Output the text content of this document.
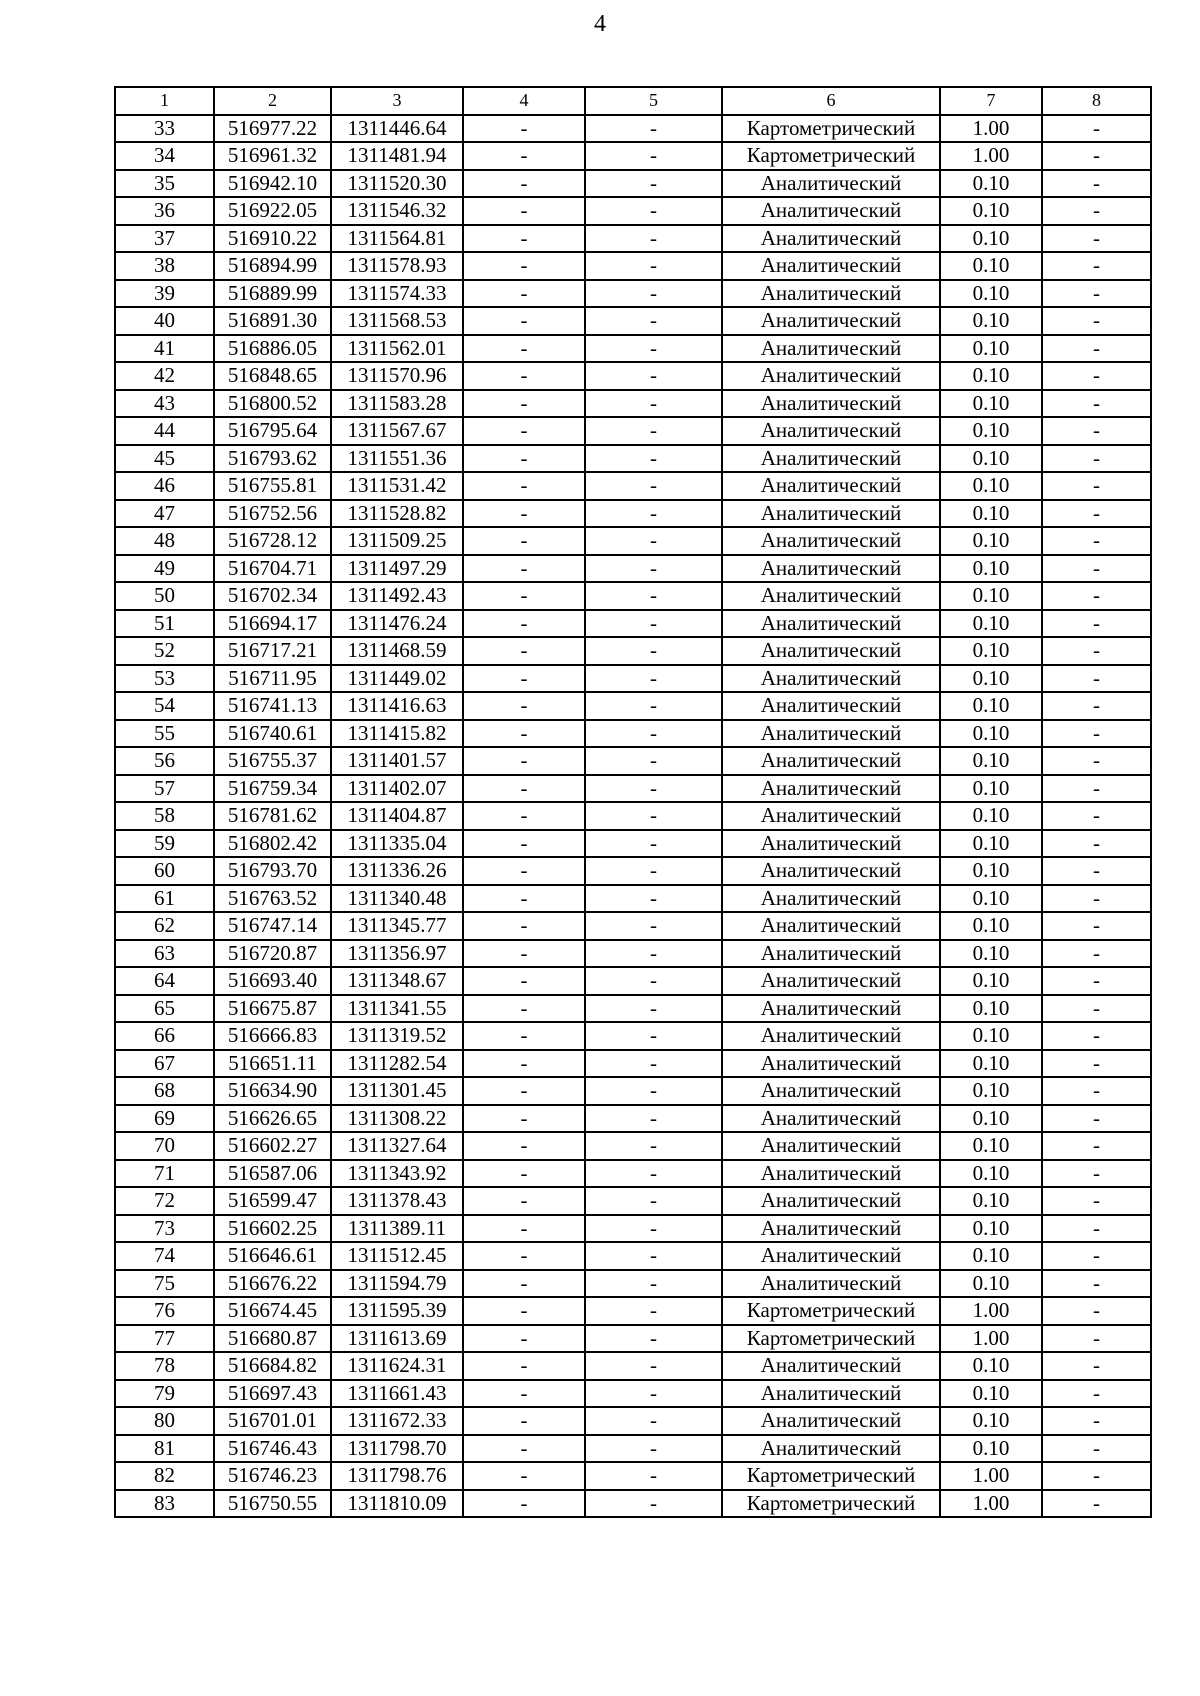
4
1	2	3	4	5	6	7	8
33	516977.22	1311446.64	-	-	Картометрический	1.00	-
34	516961.32	1311481.94	-	-	Картометрический	1.00	-
35	516942.10	1311520.30	-	-	Аналитический	0.10	-
36	516922.05	1311546.32	-	-	Аналитический	0.10	-
37	516910.22	1311564.81	-	-	Аналитический	0.10	-
38	516894.99	1311578.93	-	-	Аналитический	0.10	-
39	516889.99	1311574.33	-	-	Аналитический	0.10	-
40	516891.30	1311568.53	-	-	Аналитический	0.10	-
41	516886.05	1311562.01	-	-	Аналитический	0.10	-
42	516848.65	1311570.96	-	-	Аналитический	0.10	-
43	516800.52	1311583.28	-	-	Аналитический	0.10	-
44	516795.64	1311567.67	-	-	Аналитический	0.10	-
45	516793.62	1311551.36	-	-	Аналитический	0.10	-
46	516755.81	1311531.42	-	-	Аналитический	0.10	-
47	516752.56	1311528.82	-	-	Аналитический	0.10	-
48	516728.12	1311509.25	-	-	Аналитический	0.10	-
49	516704.71	1311497.29	-	-	Аналитический	0.10	-
50	516702.34	1311492.43	-	-	Аналитический	0.10	-
51	516694.17	1311476.24	-	-	Аналитический	0.10	-
52	516717.21	1311468.59	-	-	Аналитический	0.10	-
53	516711.95	1311449.02	-	-	Аналитический	0.10	-
54	516741.13	1311416.63	-	-	Аналитический	0.10	-
55	516740.61	1311415.82	-	-	Аналитический	0.10	-
56	516755.37	1311401.57	-	-	Аналитический	0.10	-
57	516759.34	1311402.07	-	-	Аналитический	0.10	-
58	516781.62	1311404.87	-	-	Аналитический	0.10	-
59	516802.42	1311335.04	-	-	Аналитический	0.10	-
60	516793.70	1311336.26	-	-	Аналитический	0.10	-
61	516763.52	1311340.48	-	-	Аналитический	0.10	-
62	516747.14	1311345.77	-	-	Аналитический	0.10	-
63	516720.87	1311356.97	-	-	Аналитический	0.10	-
64	516693.40	1311348.67	-	-	Аналитический	0.10	-
65	516675.87	1311341.55	-	-	Аналитический	0.10	-
66	516666.83	1311319.52	-	-	Аналитический	0.10	-
67	516651.11	1311282.54	-	-	Аналитический	0.10	-
68	516634.90	1311301.45	-	-	Аналитический	0.10	-
69	516626.65	1311308.22	-	-	Аналитический	0.10	-
70	516602.27	1311327.64	-	-	Аналитический	0.10	-
71	516587.06	1311343.92	-	-	Аналитический	0.10	-
72	516599.47	1311378.43	-	-	Аналитический	0.10	-
73	516602.25	1311389.11	-	-	Аналитический	0.10	-
74	516646.61	1311512.45	-	-	Аналитический	0.10	-
75	516676.22	1311594.79	-	-	Аналитический	0.10	-
76	516674.45	1311595.39	-	-	Картометрический	1.00	-
77	516680.87	1311613.69	-	-	Картометрический	1.00	-
78	516684.82	1311624.31	-	-	Аналитический	0.10	-
79	516697.43	1311661.43	-	-	Аналитический	0.10	-
80	516701.01	1311672.33	-	-	Аналитический	0.10	-
81	516746.43	1311798.70	-	-	Аналитический	0.10	-
82	516746.23	1311798.76	-	-	Картометрический	1.00	-
83	516750.55	1311810.09	-	-	Картометрический	1.00	-
